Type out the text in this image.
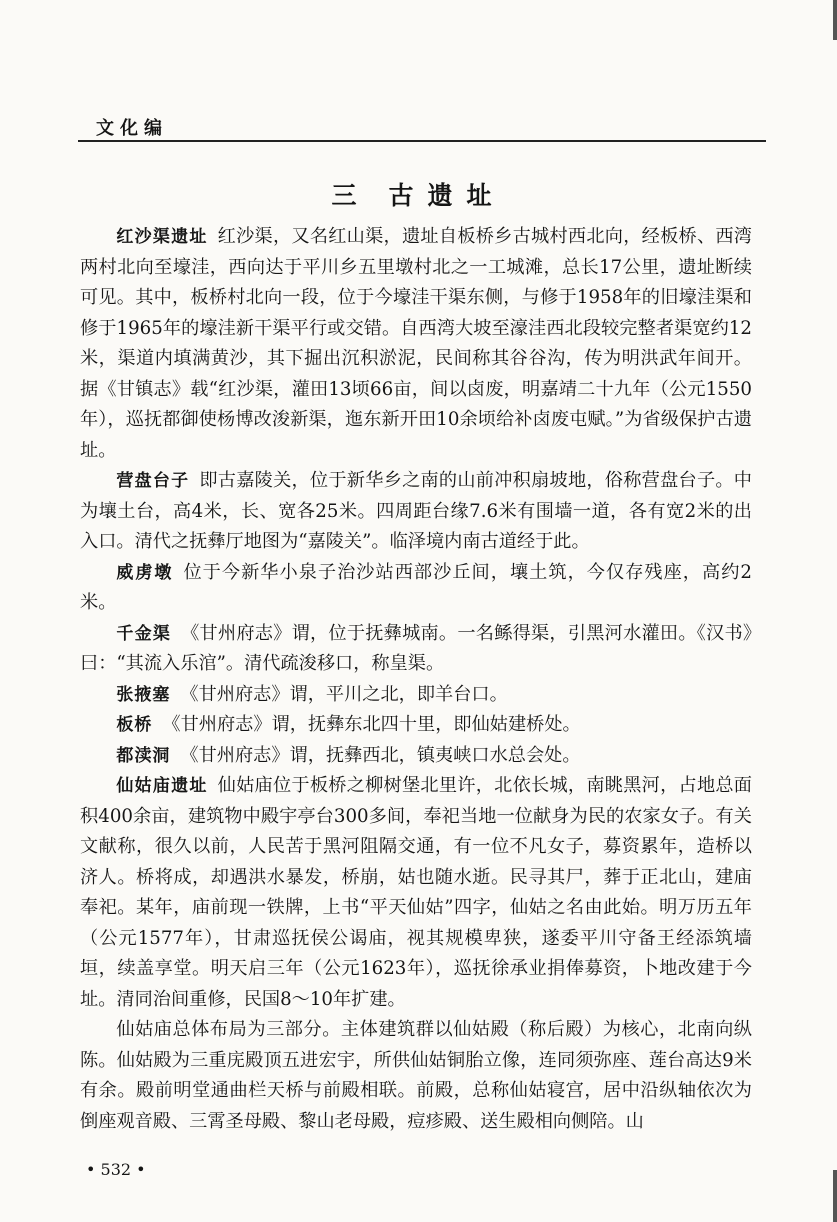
文化编
三 古遗址

红沙渠遗址 红沙渠，又名红山渠，遗址自板桥乡古城村西北向，经板桥、西湾两村北向至壕洼，西向达于平川乡五里墩村北之一工城滩，总长17公里，遗址断续可见。其中，板桥村北向一段，位于今壕洼干渠东侧，与修于1958年的旧壕洼渠和修于1965年的壕洼新干渠平行或交错。自西湾大坡至濠洼西北段较完整者渠宽约12米，渠道内填满黄沙，其下掘出沉积淤泥，民间称其谷谷沟，传为明洪武年间开。据《甘镇志》载“红沙渠，灌田13顷66亩，间以卤废，明嘉靖二十九年（公元1550年），巡抚都御使杨博改浚新渠，迤东新开田10余顷给补卤废屯赋。”为省级保护古遗址。

营盘台子 即古嘉陵关，位于新华乡之南的山前冲积扇坡地，俗称营盘台子。中为壤土台，高4米，长、宽各25米。四周距台缘7.6米有围墙一道，各有宽2米的出入口。清代之抚彝厅地图为“嘉陵关”。临泽境内南古道经于此。

威虏墩 位于今新华小泉子治沙站西部沙丘间，壤土筑，今仅存残座，高约2米。

千金渠 《甘州府志》谓，位于抚彝城南。一名鲧得渠，引黑河水灌田。《汉书》曰：“其流入乐涫”。清代疏浚移口，称皇渠。

张掖塞 《甘州府志》谓，平川之北，即羊台口。

板桥 《甘州府志》谓，抚彝东北四十里，即仙姑建桥处。

都渎洞 《甘州府志》谓，抚彝西北，镇夷峡口水总会处。

仙姑庙遗址 仙姑庙位于板桥之柳树堡北里许，北依长城，南眺黑河，占地总面积400余亩，建筑物中殿宇亭台300多间，奉祀当地一位献身为民的农家女子。有关文献称，很久以前，人民苦于黑河阻隔交通，有一位不凡女子，募资累年，造桥以济人。桥将成，却遇洪水暴发，桥崩，姑也随水逝。民寻其尸，葬于正北山，建庙奉祀。某年，庙前现一铁牌，上书“平天仙姑”四字，仙姑之名由此始。明万历五年（公元1577年），甘肃巡抚侯公谒庙，视其规模卑狭，遂委平川守备王经添筑墙垣，续盖享堂。明天启三年（公元1623年），巡抚徐承业捐俸募资，卜地改建于今址。清同治间重修，民国8～10年扩建。

仙姑庙总体布局为三部分。主体建筑群以仙姑殿（称后殿）为核心，北南向纵陈。仙姑殿为三重庑殿顶五进宏宇，所供仙姑铜胎立像，连同须弥座、莲台高达9米有余。殿前明堂通曲栏天桥与前殿相联。前殿，总称仙姑寝宫，居中沿纵轴依次为倒座观音殿、三霄圣母殿、黎山老母殿，痘疹殿、送生殿相向侧陪。山

• 532 •
